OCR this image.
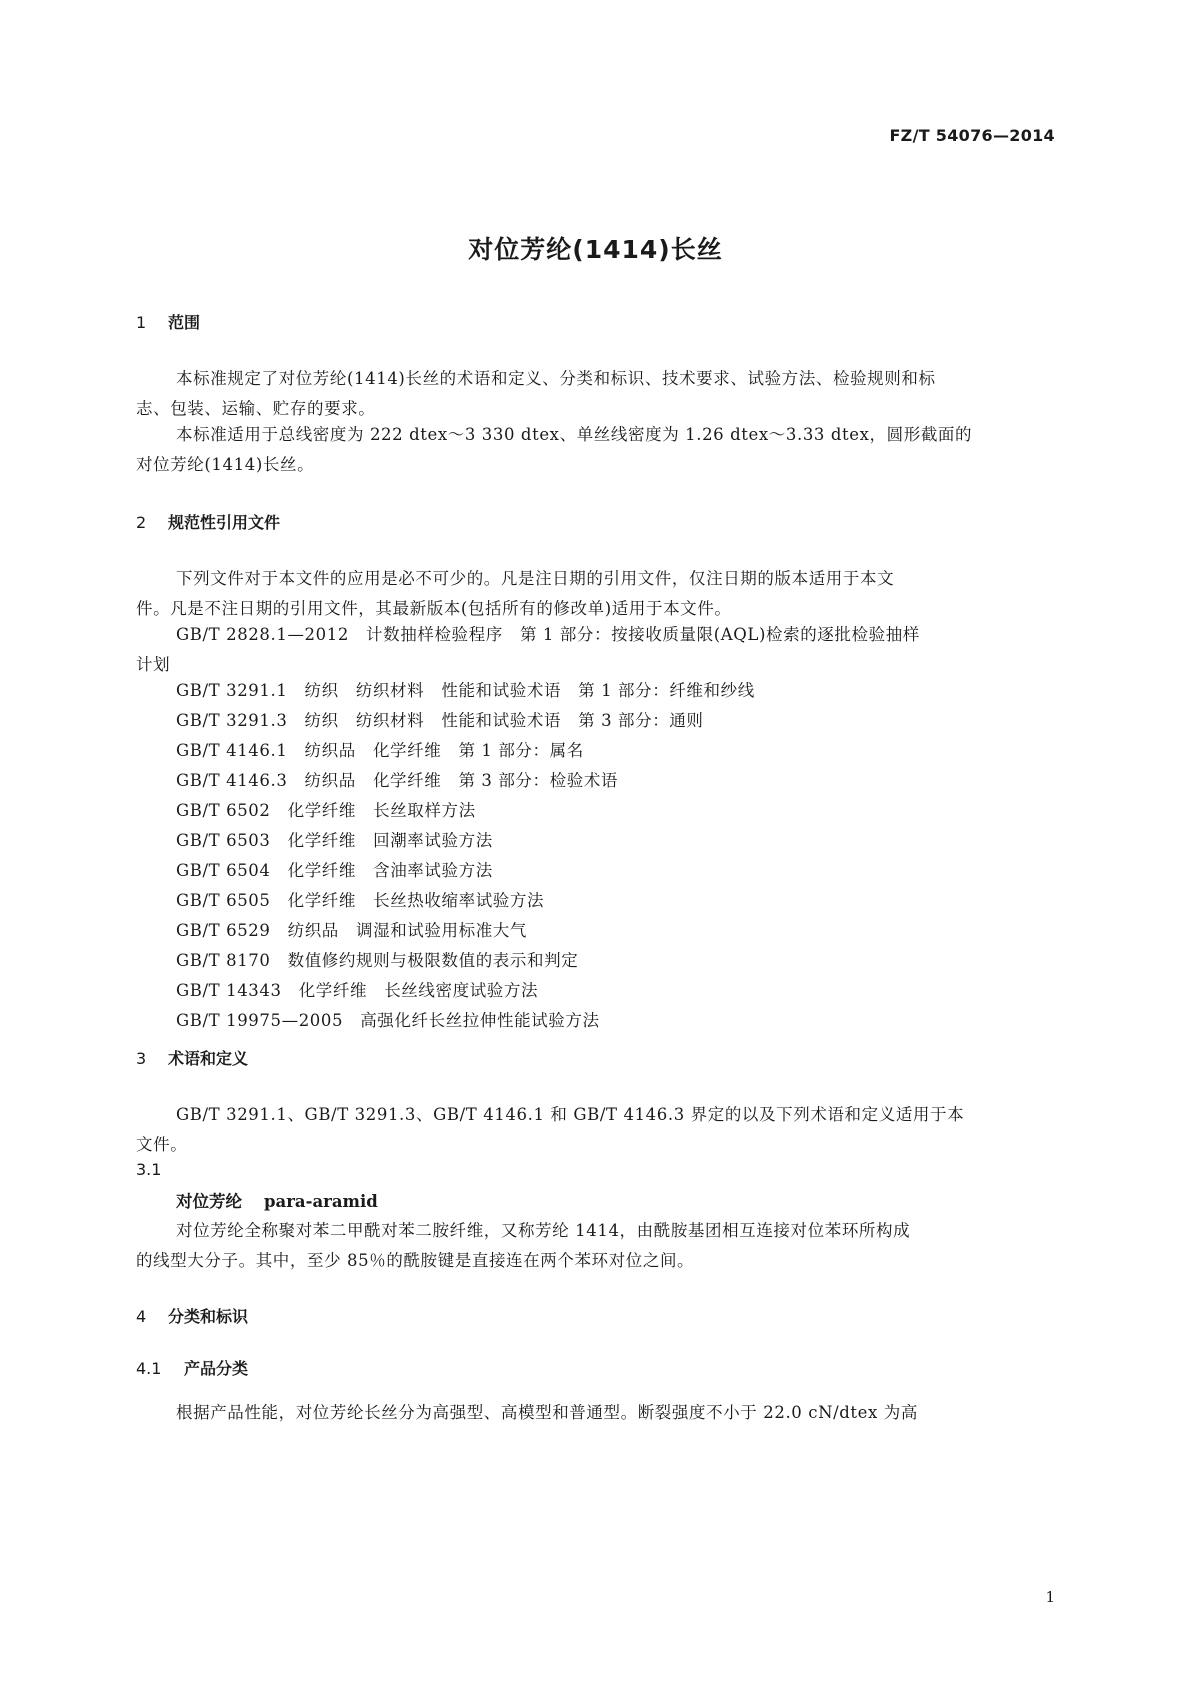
FZ/T 54076—2014
对位芳纶(1414)长丝
1 范围
本标准规定了对位芳纶(1414)长丝的术语和定义、分类和标识、技术要求、试验方法、检验规则和标
志、包装、运输、贮存的要求。
本标准适用于总线密度为 222 dtex～3 330 dtex、单丝线密度为 1.26 dtex～3.33 dtex，圆形截面的
对位芳纶(1414)长丝。
2 规范性引用文件
下列文件对于本文件的应用是必不可少的。凡是注日期的引用文件，仅注日期的版本适用于本文
件。凡是不注日期的引用文件，其最新版本(包括所有的修改单)适用于本文件。
GB/T 2828.1—2012　计数抽样检验程序　第 1 部分：按接收质量限(AQL)检索的逐批检验抽样
计划
GB/T 3291.1　纺织　纺织材料　性能和试验术语　第 1 部分：纤维和纱线
GB/T 3291.3　纺织　纺织材料　性能和试验术语　第 3 部分：通则
GB/T 4146.1　纺织品　化学纤维　第 1 部分：属名
GB/T 4146.3　纺织品　化学纤维　第 3 部分：检验术语
GB/T 6502　化学纤维　长丝取样方法
GB/T 6503　化学纤维　回潮率试验方法
GB/T 6504　化学纤维　含油率试验方法
GB/T 6505　化学纤维　长丝热收缩率试验方法
GB/T 6529　纺织品　调湿和试验用标准大气
GB/T 8170　数值修约规则与极限数值的表示和判定
GB/T 14343　化学纤维　长丝线密度试验方法
GB/T 19975—2005　高强化纤长丝拉伸性能试验方法
3 术语和定义
GB/T 3291.1、GB/T 3291.3、GB/T 4146.1 和 GB/T 4146.3 界定的以及下列术语和定义适用于本
文件。
3.1
对位芳纶 para-aramid
对位芳纶全称聚对苯二甲酰对苯二胺纤维，又称芳纶 1414，由酰胺基团相互连接对位苯环所构成
的线型大分子。其中，至少 85％的酰胺键是直接连在两个苯环对位之间。
4 分类和标识
4.1 产品分类
根据产品性能，对位芳纶长丝分为高强型、高模型和普通型。断裂强度不小于 22.0 cN/dtex 为高
1
